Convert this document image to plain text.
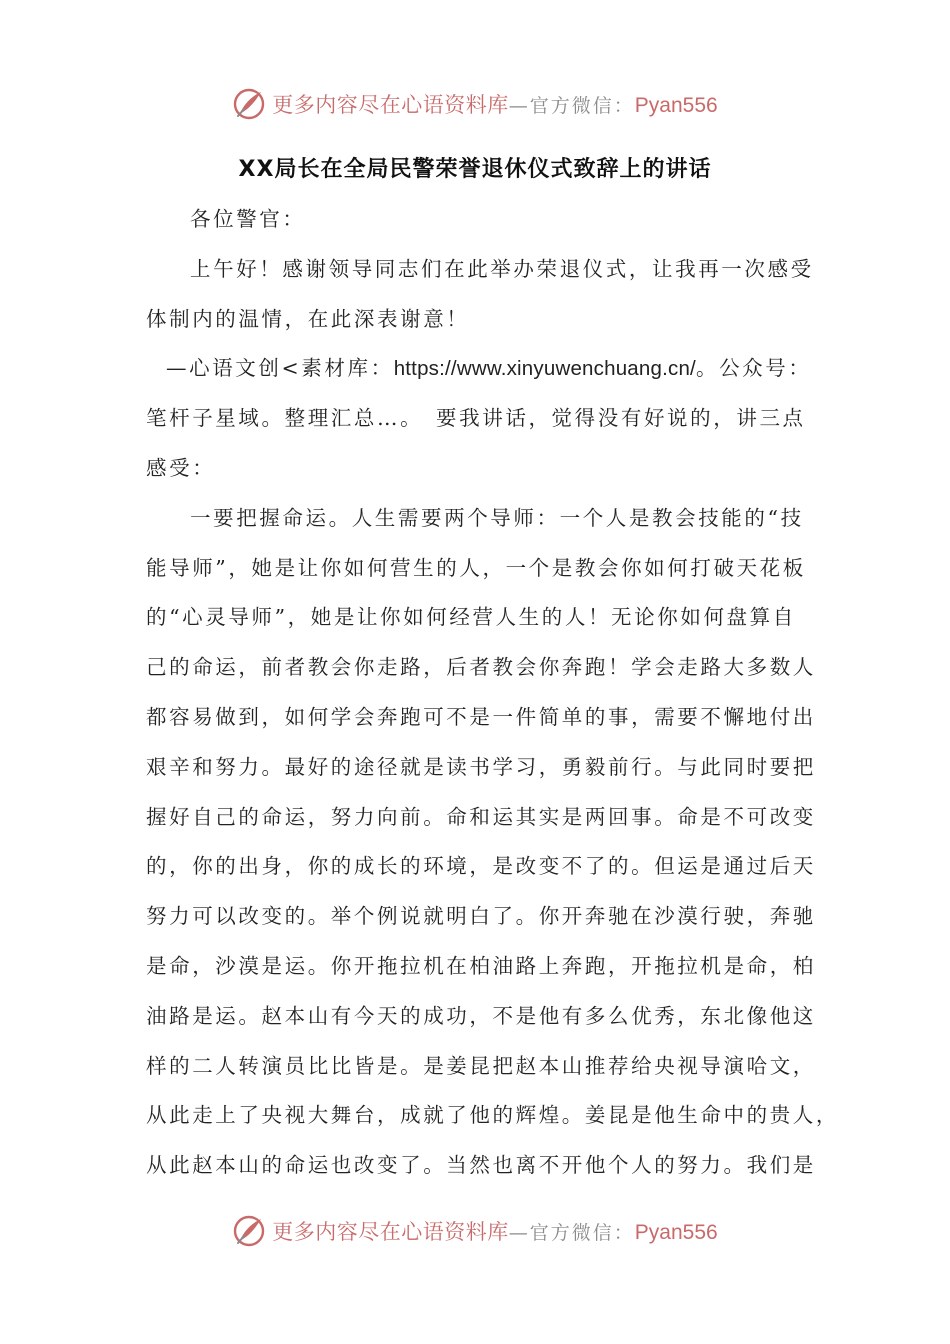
更多内容尽在心语资料库 —官方微信： Pyan556
XX局长在全局民警荣誉退休仪式致辞上的讲话
各位警官：
上午好！感谢领导同志们在此举办荣退仪式，让我再一次感受
体制内的温情，在此深表谢意！
—心语文创<素材库：https://www.xinyuwenchuang.cn/。公众号：
笔杆子星域。整理汇总…。　要我讲话，觉得没有好说的，讲三点
感受：
一要把握命运。人生需要两个导师：一个人是教会技能的“技
能导师”，她是让你如何营生的人，一个是教会你如何打破天花板
的“心灵导师”，她是让你如何经营人生的人！无论你如何盘算自
己的命运，前者教会你走路，后者教会你奔跑！学会走路大多数人
都容易做到，如何学会奔跑可不是一件简单的事，需要不懈地付出
艰辛和努力。最好的途径就是读书学习，勇毅前行。与此同时要把
握好自己的命运，努力向前。命和运其实是两回事。命是不可改变
的，你的出身，你的成长的环境，是改变不了的。但运是通过后天
努力可以改变的。举个例说就明白了。你开奔驰在沙漠行驶，奔驰
是命，沙漠是运。你开拖拉机在柏油路上奔跑，开拖拉机是命，柏
油路是运。赵本山有今天的成功，不是他有多么优秀，东北像他这
样的二人转演员比比皆是。是姜昆把赵本山推荐给央视导演哈文，
从此走上了央视大舞台，成就了他的辉煌。姜昆是他生命中的贵人，
从此赵本山的命运也改变了。当然也离不开他个人的努力。我们是
更多内容尽在心语资料库 —官方微信： Pyan556
